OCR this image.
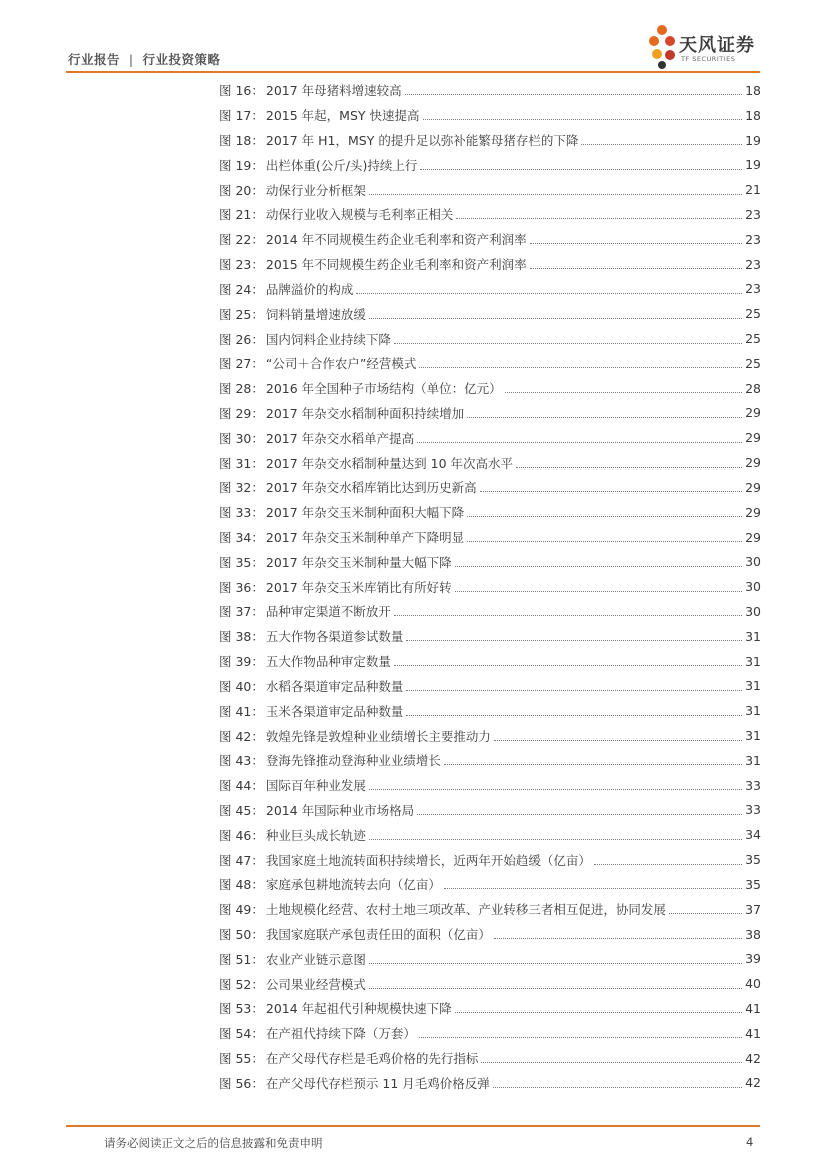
行业报告 | 行业投资策略
天风证券
TF SECURITIES
图 16： 2017 年母猪料增速较高	18
图 17： 2015 年起，MSY 快速提高	18
图 18： 2017 年 H1，MSY 的提升足以弥补能繁母猪存栏的下降	19
图 19： 出栏体重(公斤/头)持续上行	19
图 20： 动保行业分析框架	21
图 21： 动保行业收入规模与毛利率正相关	23
图 22： 2014 年不同规模生药企业毛利率和资产利润率	23
图 23： 2015 年不同规模生药企业毛利率和资产利润率	23
图 24： 品牌溢价的构成	23
图 25： 饲料销量增速放缓	25
图 26： 国内饲料企业持续下降	25
图 27： “公司＋合作农户”经营模式	25
图 28： 2016 年全国种子市场结构（单位：亿元）	28
图 29： 2017 年杂交水稻制种面积持续增加	29
图 30： 2017 年杂交水稻单产提高	29
图 31： 2017 年杂交水稻制种量达到 10 年次高水平	29
图 32： 2017 年杂交水稻库销比达到历史新高	29
图 33： 2017 年杂交玉米制种面积大幅下降	29
图 34： 2017 年杂交玉米制种单产下降明显	29
图 35： 2017 年杂交玉米制种量大幅下降	30
图 36： 2017 年杂交玉米库销比有所好转	30
图 37： 品种审定渠道不断放开	30
图 38： 五大作物各渠道参试数量	31
图 39： 五大作物品种审定数量	31
图 40： 水稻各渠道审定品种数量	31
图 41： 玉米各渠道审定品种数量	31
图 42： 敦煌先锋是敦煌种业业绩增长主要推动力	31
图 43： 登海先锋推动登海种业业绩增长	31
图 44： 国际百年种业发展	33
图 45： 2014 年国际种业市场格局	33
图 46： 种业巨头成长轨迹	34
图 47： 我国家庭土地流转面积持续增长，近两年开始趋缓（亿亩）	35
图 48： 家庭承包耕地流转去向（亿亩）	35
图 49： 土地规模化经营、农村土地三项改革、产业转移三者相互促进，协同发展	37
图 50： 我国家庭联产承包责任田的面积（亿亩）	38
图 51： 农业产业链示意图	39
图 52： 公司果业经营模式	40
图 53： 2014 年起祖代引种规模快速下降	41
图 54： 在产祖代持续下降（万套）	41
图 55： 在产父母代存栏是毛鸡价格的先行指标	42
图 56： 在产父母代存栏预示 11 月毛鸡价格反弹	42
请务必阅读正文之后的信息披露和免责申明	4
